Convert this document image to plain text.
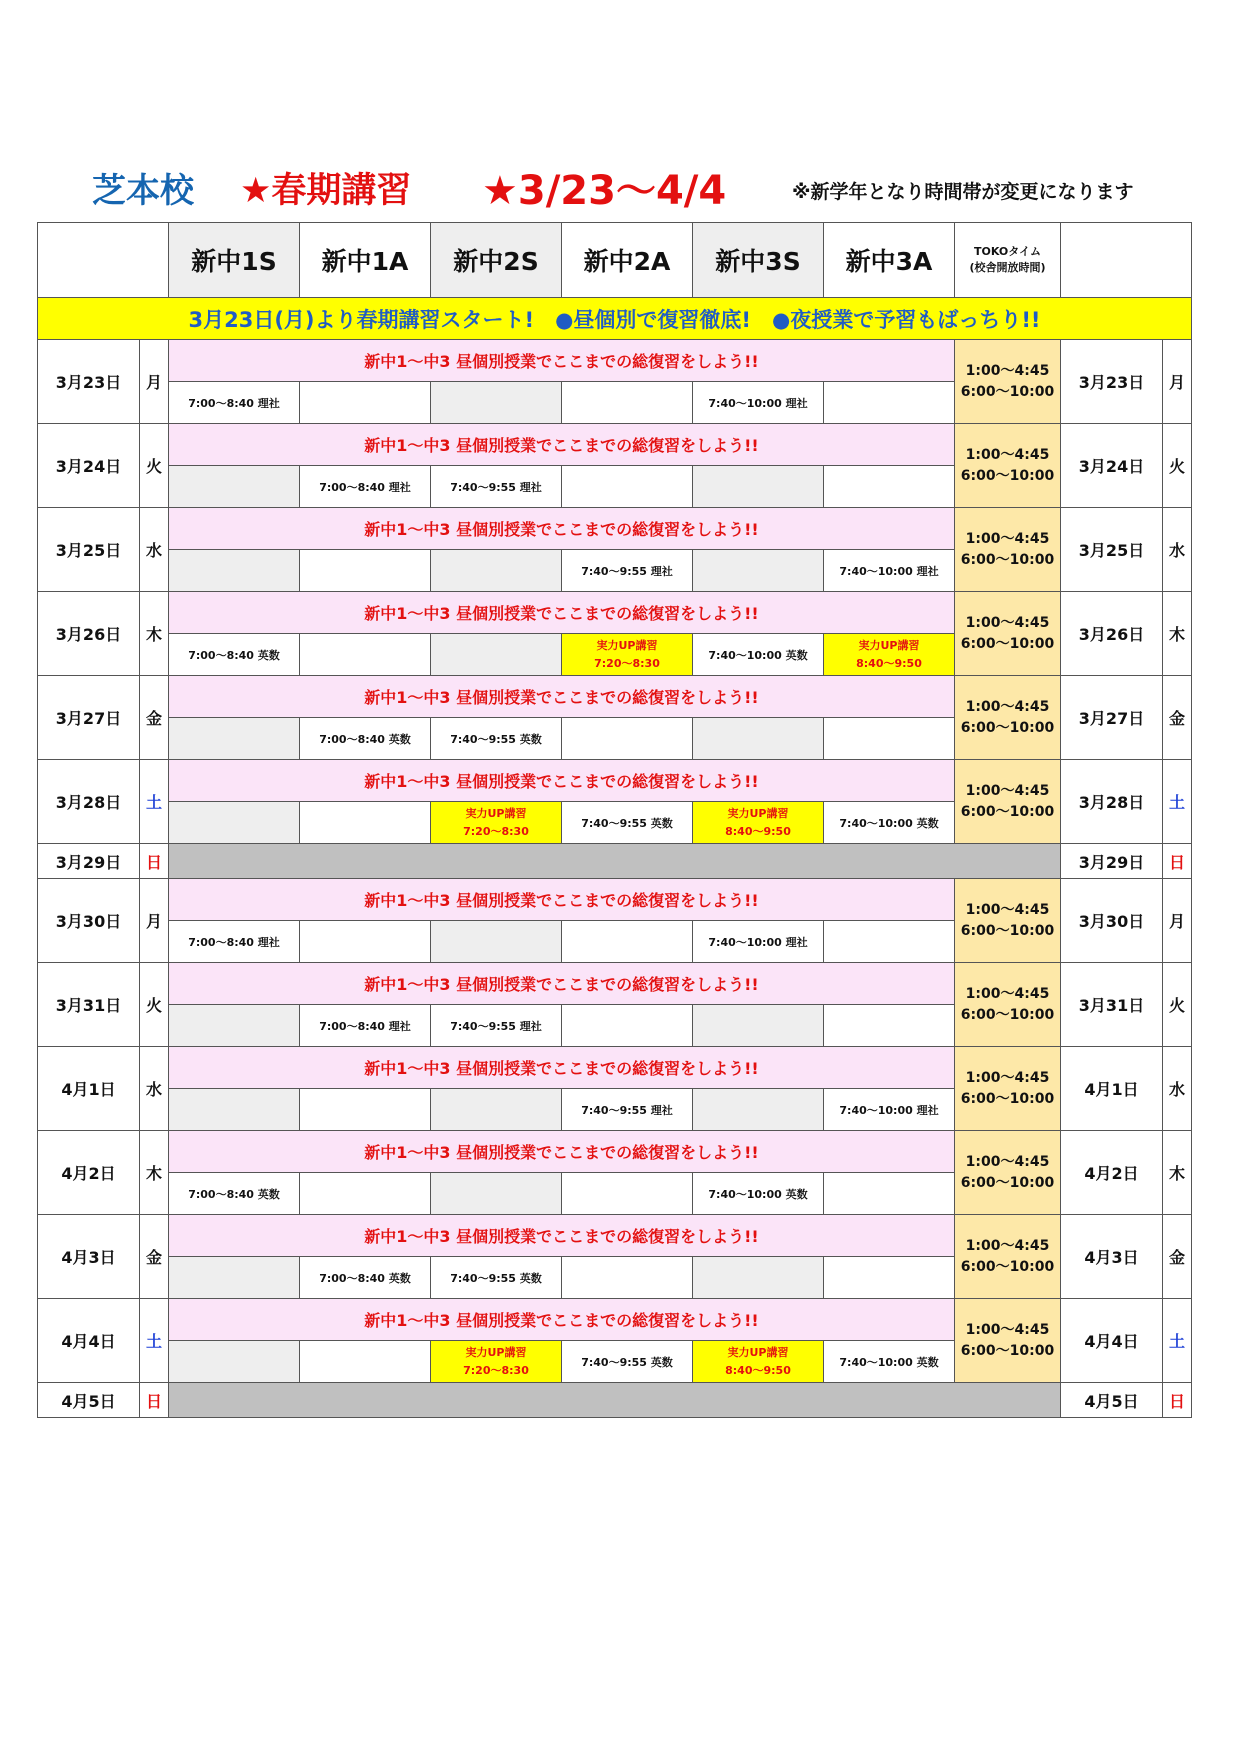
芝本校 ★春期講習 ★3/23～4/4	※新学年となり時間帯が変更になります
		新中1S	新中1A	新中2S	新中2A	新中3S	新中3A	TOKOタイム
(校舎開放時間)		
3月23日(月)より春期講習スタート!　●昼個別で復習徹底!　●夜授業で予習もばっちり!!										
3月23日	月	新中1～中3 昼個別授業でここまでの総復習をしよう!!						1:00～4:45
6:00～10:00	3月23日	月
		7:00～8:40 理社				7:40～10:00 理社				
3月24日	火	新中1～中3 昼個別授業でここまでの総復習をしよう!!						1:00～4:45
6:00～10:00	3月24日	火
			7:00～8:40 理社	7:40～9:55 理社						
3月25日	水	新中1～中3 昼個別授業でここまでの総復習をしよう!!						1:00～4:45
6:00～10:00	3月25日	水
					7:40～9:55 理社		7:40～10:00 理社			
3月26日	木	新中1～中3 昼個別授業でここまでの総復習をしよう!!						1:00～4:45
6:00～10:00	3月26日	木
		7:00～8:40 英数			実力UP講習
7:20～8:30	7:40～10:00 英数	実力UP講習
8:40～9:50			
3月27日	金	新中1～中3 昼個別授業でここまでの総復習をしよう!!						1:00～4:45
6:00～10:00	3月27日	金
			7:00～8:40 英数	7:40～9:55 英数						
3月28日	土	新中1～中3 昼個別授業でここまでの総復習をしよう!!						1:00～4:45
6:00～10:00	3月28日	土
				実力UP講習
7:20～8:30	7:40～9:55 英数	実力UP講習
8:40～9:50	7:40～10:00 英数			
3月29日	日								3月29日	日
3月30日	月	新中1～中3 昼個別授業でここまでの総復習をしよう!!						1:00～4:45
6:00～10:00	3月30日	月
		7:00～8:40 理社				7:40～10:00 理社				
3月31日	火	新中1～中3 昼個別授業でここまでの総復習をしよう!!						1:00～4:45
6:00～10:00	3月31日	火
			7:00～8:40 理社	7:40～9:55 理社						
4月1日	水	新中1～中3 昼個別授業でここまでの総復習をしよう!!						1:00～4:45
6:00～10:00	4月1日	水
					7:40～9:55 理社		7:40～10:00 理社			
4月2日	木	新中1～中3 昼個別授業でここまでの総復習をしよう!!						1:00～4:45
6:00～10:00	4月2日	木
		7:00～8:40 英数				7:40～10:00 英数				
4月3日	金	新中1～中3 昼個別授業でここまでの総復習をしよう!!						1:00～4:45
6:00～10:00	4月3日	金
			7:00～8:40 英数	7:40～9:55 英数						
4月4日	土	新中1～中3 昼個別授業でここまでの総復習をしよう!!						1:00～4:45
6:00～10:00	4月4日	土
				実力UP講習
7:20～8:30	7:40～9:55 英数	実力UP講習
8:40～9:50	7:40～10:00 英数			
4月5日	日								4月5日	日
